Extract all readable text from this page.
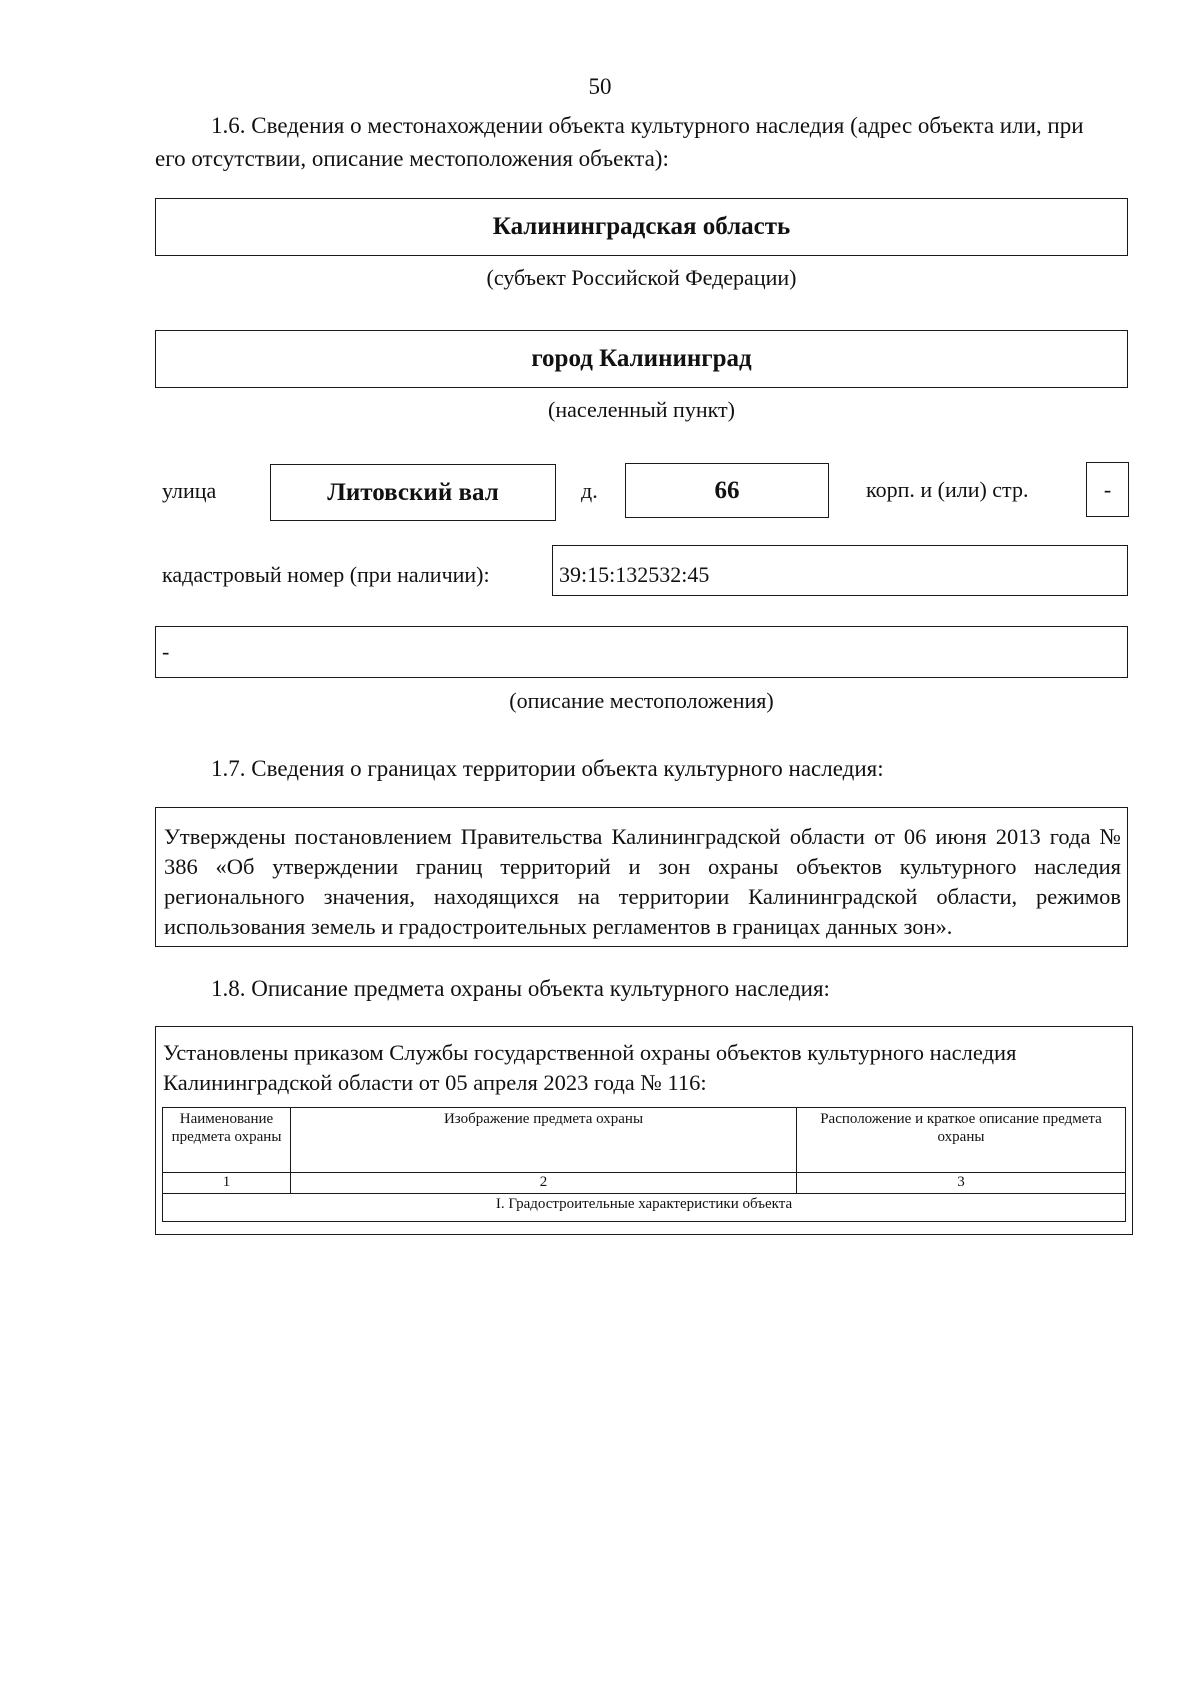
50
1.6. Сведения о местонахождении объекта культурного наследия (адрес объекта или, при
его отсутствии, описание местоположения объекта):
Калининградская область
(субъект Российской Федерации)
город Калининград
(населенный пункт)
улица	Литовский вал	д.	66	корп. и (или) стр.	-
кадастровый номер (при наличии):	39:15:132532:45
-
(описание местоположения)
1.7. Сведения о границах территории объекта культурного наследия:
Утверждены постановлением Правительства Калининградской области от 06 июня 2013 года № 386 «Об утверждении границ территорий и зон охраны объектов культурного наследия регионального значения, находящихся на территории Калининградской области, режимов использования земель и градостроительных регламентов в границах данных зон».
1.8. Описание предмета охраны объекта культурного наследия:
Установлены приказом Службы государственной охраны объектов культурного наследия
Калининградской области от 05 апреля 2023 года № 116:
Наименование предмета охраны	Изображение предмета охраны	Расположение и краткое описание предмета охраны
1	2	3
I. Градостроительные характеристики объекта		
